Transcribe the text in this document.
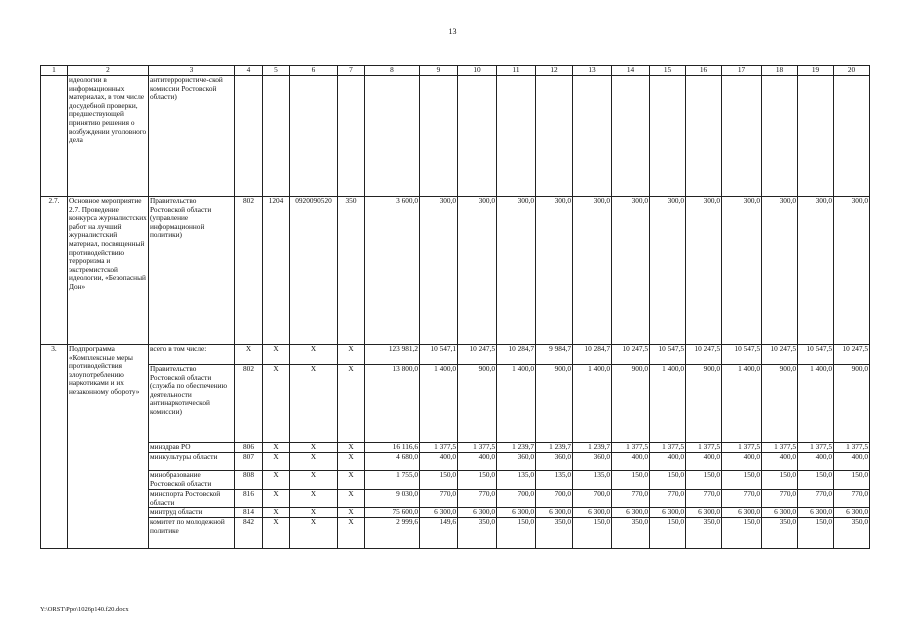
13
1	2	3	4	5	6	7	8	9	10	11	12	13	14	15	16	17	18	19	20
	идеологии в информационных материалах, в том числе досудебной проверки, предшествующей принятию решения о возбуждении уголовного дела	антитеррористиче-ской комиссии Ростовской области)																	
2.7.	Основное мероприятие 2.7. Проведение конкурса журналистских работ на лучший журналистский материал, посвященный противодействию терроризма и экстремистской идеологии, «Безопасный Дон»	Правительство Ростовской области (управление информационной политики)	802	1204	0920090520	350	3 600,0	300,0	300,0	300,0	300,0	300,0	300,0	300,0	300,0	300,0	300,0	300,0	300,0
3.	Подпрограмма «Комплексные меры противодействия злоупотреблению наркотиками и их незаконному обороту»	всего в том числе:	X	X	X	X	123 981,2	10 547,1	10 247,5	10 284,7	9 984,7	10 284,7	10 247,5	10 547,5	10 247,5	10 547,5	10 247,5	10 547,5	10 247,5
		Правительство Ростовской области (служба по обеспечению деятельности антинаркотической комиссии)	802	X	X	X	13 800,0	1 400,0	900,0	1 400,0	900,0	1 400,0	900,0	1 400,0	900,0	1 400,0	900,0	1 400,0	900,0
		минздрав РО	806	X	X	X	16 116,6	1 377,5	1 377,5	1 239,7	1 239,7	1 239,7	1 377,5	1 377,5	1 377,5	1 377,5	1 377,5	1 377,5	1 377,5
		минкультуры области	807	X	X	X	4 680,0	400,0	400,0	360,0	360,0	360,0	400,0	400,0	400,0	400,0	400,0	400,0	400,0
		минобразование Ростовской области	808	X	X	X	1 755,0	150,0	150,0	135,0	135,0	135,0	150,0	150,0	150,0	150,0	150,0	150,0	150,0
		минспорта Ростовской области	816	X	X	X	9 030,0	770,0	770,0	700,0	700,0	700,0	770,0	770,0	770,0	770,0	770,0	770,0	770,0
		минтруд области	814	X	X	X	75 600,0	6 300,0	6 300,0	6 300,0	6 300,0	6 300,0	6 300,0	6 300,0	6 300,0	6 300,0	6 300,0	6 300,0	6 300,0
		комитет по молодежной политике	842	X	X	X	2 999,6	149,6	350,0	150,0	350,0	150,0	350,0	150,0	350,0	150,0	350,0	150,0	350,0
Y:\ORST\Ppo\1026p140.f20.docx
